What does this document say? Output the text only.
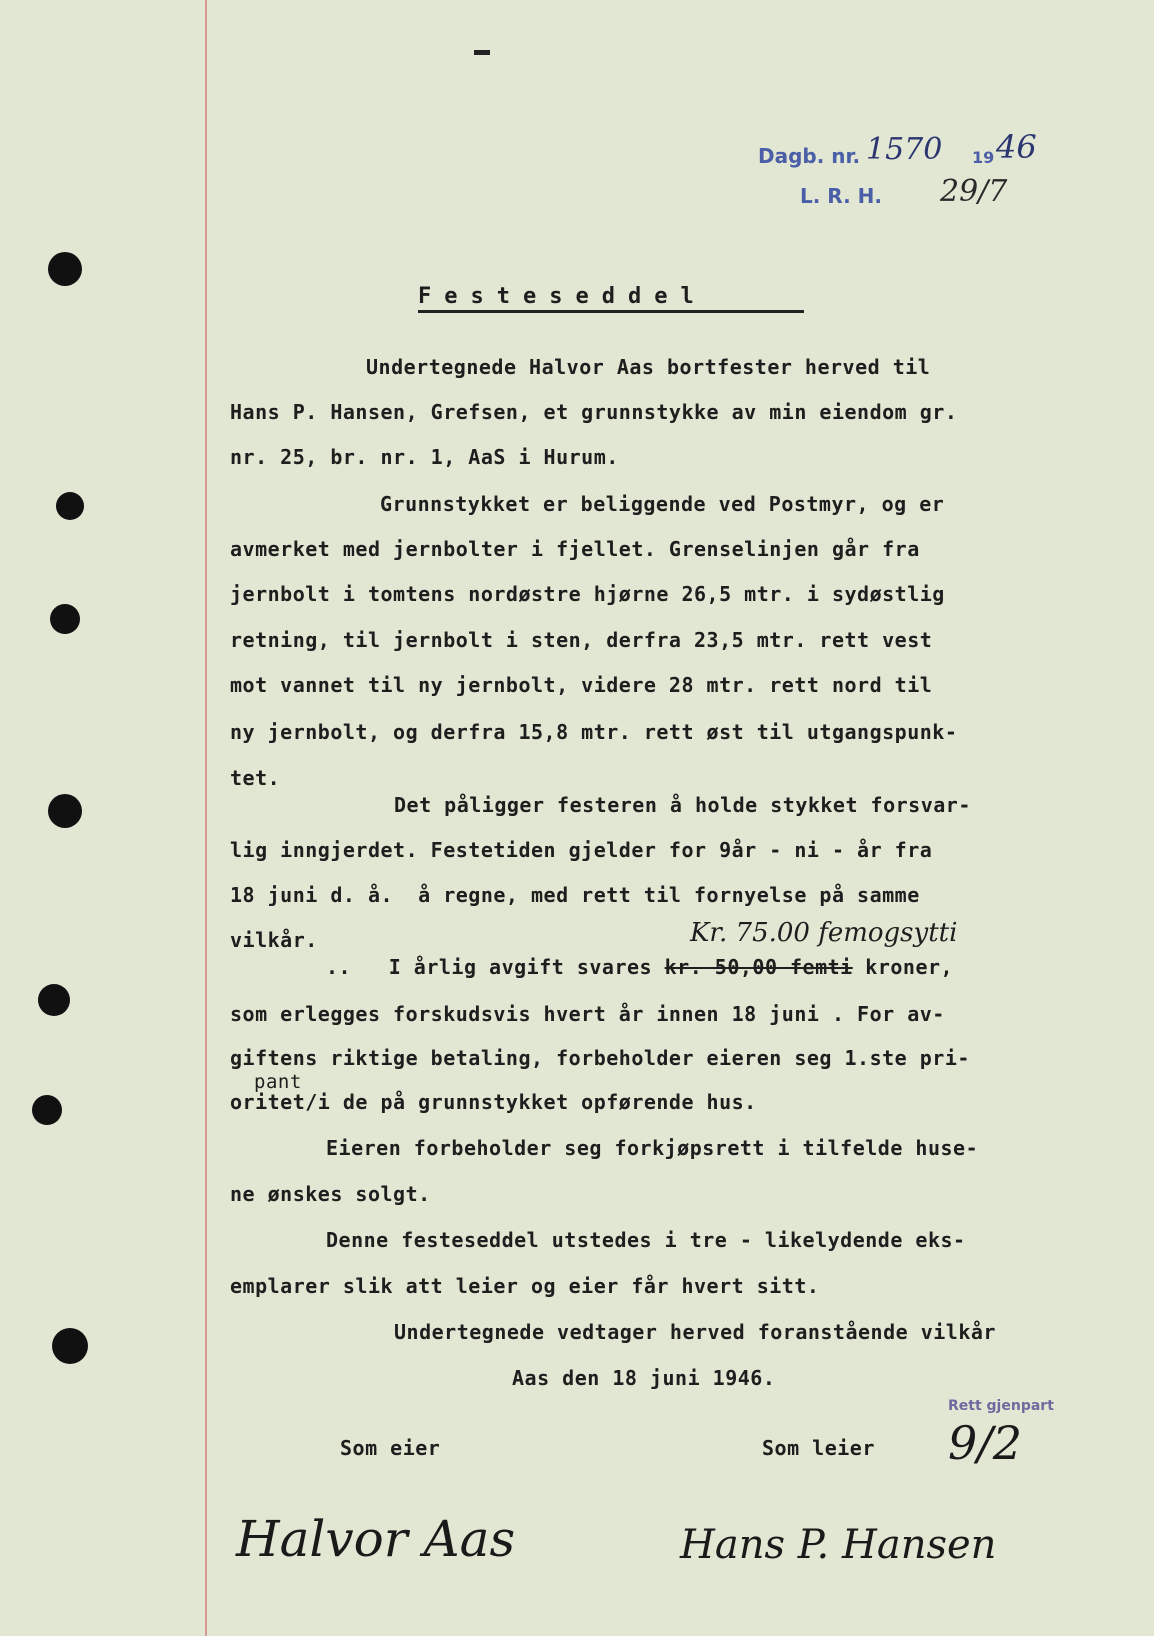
Dagb. nr. 1570 19 46
L. R. H. 29/7
Festeseddel
Undertegnede Halvor Aas bortfester herved til
Hans P. Hansen, Grefsen, et grunnstykke av min eiendom gr.
nr. 25, br. nr. 1, AaS i Hurum.
Grunnstykket er beliggende ved Postmyr, og er
avmerket med jernbolter i fjellet. Grenselinjen går fra
jernbolt i tomtens nordøstre hjørne 26,5 mtr. i sydøstlig
retning, til jernbolt i sten, derfra 23,5 mtr. rett vest
mot vannet til ny jernbolt, videre 28 mtr. rett nord til
ny jernbolt, og derfra 15,8 mtr. rett øst til utgangspunk-
tet.
Det påligger festeren å holde stykket forsvar-
lig inngjerdet. Festetiden gjelder for 9år - ni - år fra
18 juni d. å.  å regne, med rett til fornyelse på samme
vilkår.	Kr. 75.00 femogsytti
..   I årlig avgift svares kr. 50,00 femti kroner,
som erlegges forskudsvis hvert år innen 18 juni . For av-
giftens riktige betaling, forbeholder eieren seg 1.ste pri-
pant
oritet/i de på grunnstykket opførende hus.
Eieren forbeholder seg forkjøpsrett i tilfelde huse-
ne ønskes solgt.
Denne festeseddel utstedes i tre - likelydende eks-
emplarer slik att leier og eier får hvert sitt.
Undertegnede vedtager herved foranstående vilkår
Aas den 18 juni 1946.
Rett gjenpart
9/2
Som eier	Som leier
Halvor Aas	Hans P. Hansen
